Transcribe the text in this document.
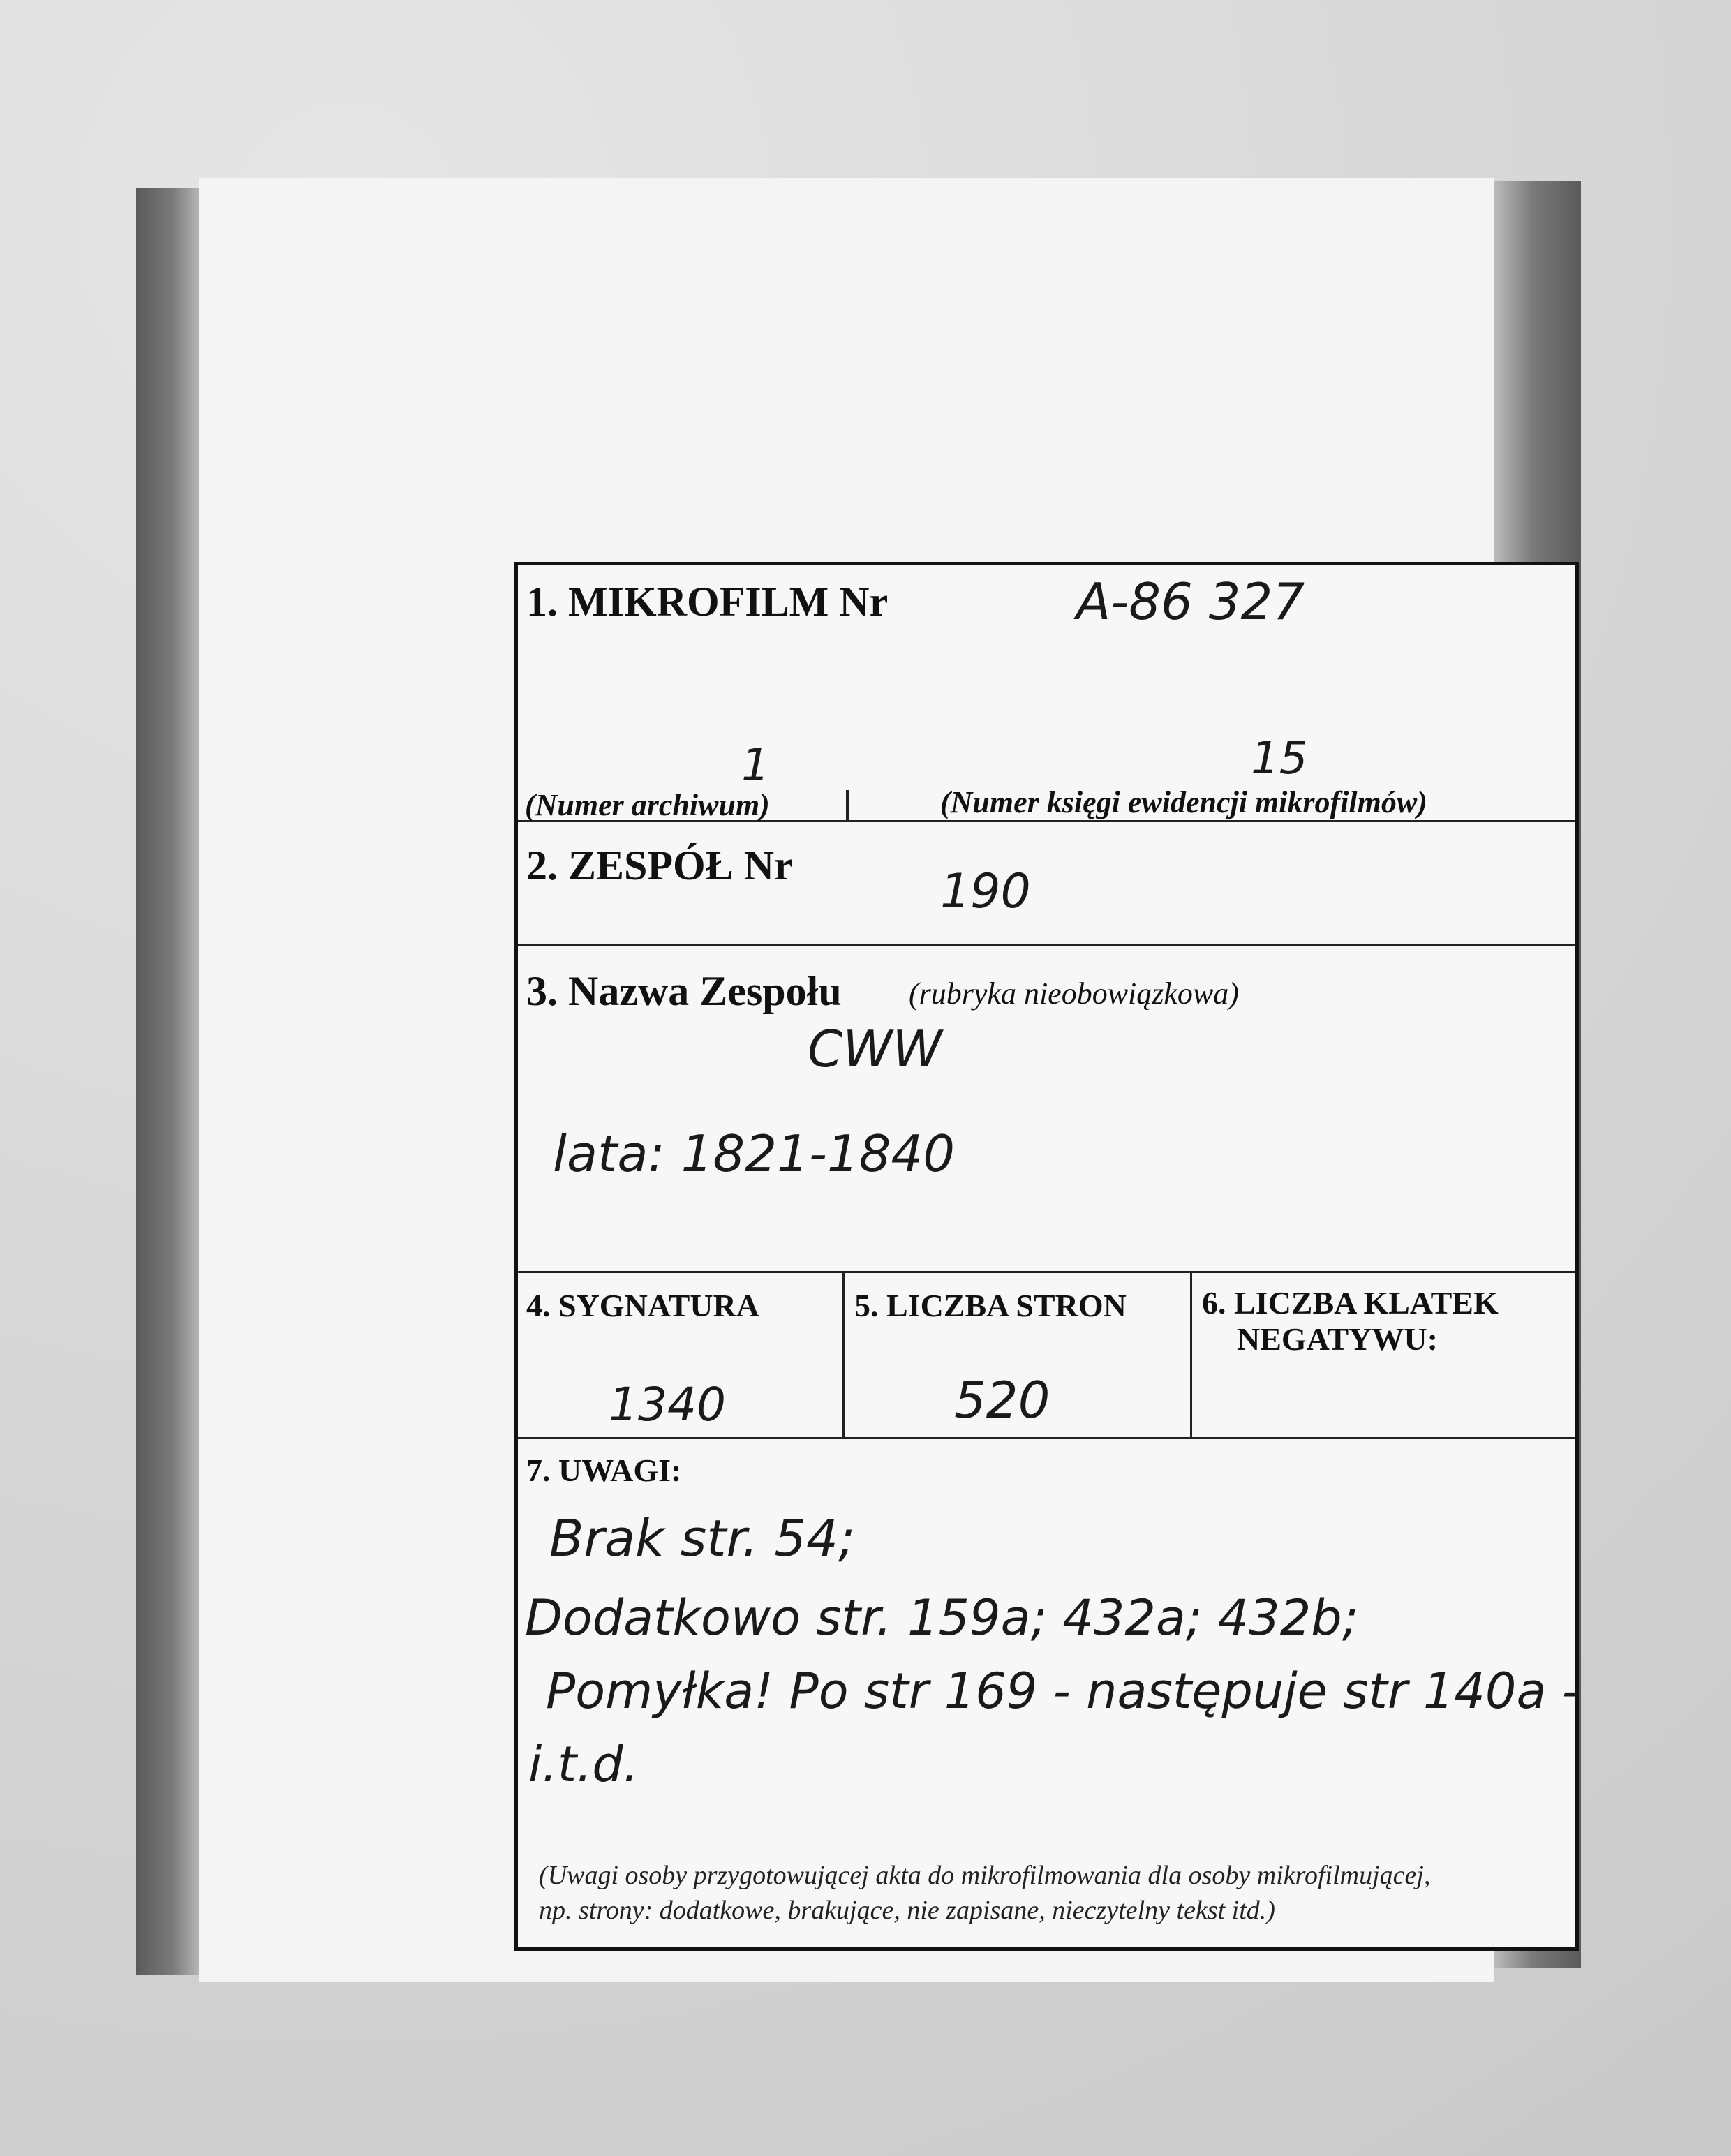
1. MIKROFILM Nr	A-86 327
1	15
(Numer archiwum)	(Numer księgi ewidencji mikrofilmów)
2. ZESPÓŁ Nr	190
3. Nazwa Zespołu (rubryka nieobowiązkowa)
CWW
lata: 1821-1840
4. SYGNATURA
1340
5. LICZBA STRON
520
6. LICZBA KLATEK
NEGATYWU:
7. UWAGI:
Brak str. 54;
Dodatkowo str. 159a; 432a; 432b;
Pomyłka! Po str 169 - następuje str 140a -
i.t.d.
(Uwagi osoby przygotowującej akta do mikrofilmowania dla osoby mikrofilmującej,
np. strony: dodatkowe, brakujące, nie zapisane, nieczytelny tekst itd.)
